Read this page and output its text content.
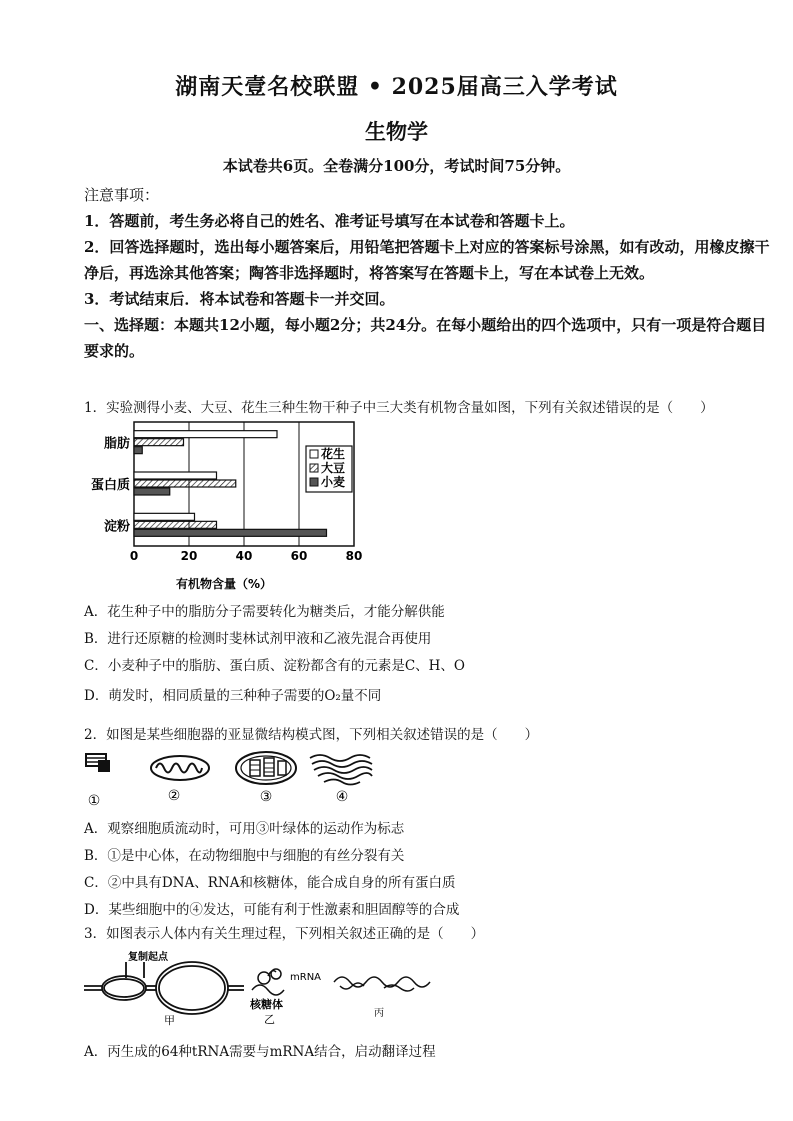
湖南天壹名校联盟 • 2025届高三入学考试
生物学
本试卷共6页。全卷满分100分，考试时间75分钟。

注意事项：

1．答题前，考生务必将自己的姓名、准考证号填写在本试卷和答题卡上。

2．回答选择题时，选出每小题答案后，用铅笔把答题卡上对应的答案标号涂黑，如有改动，用橡皮擦干净后，再选涂其他答案；陶答非选择题时，将答案写在答题卡上，写在本试卷上无效。

3．考试结束后．将本试卷和答题卡一并交回。

一、选择题：本题共12小题，每小题2分；共24分。在每小题给出的四个选项中，只有一项是符合题目要求的。

1．实验测得小麦、大豆、花生三种生物干种子中三大类有机物含量如图，下列有关叙述错误的是（　　）
脂肪
蛋白质
淀粉
0	20	40	60	80
有机物含量（%）
花生
大豆
小麦
A．花生种子中的脂肪分子需要转化为糖类后，才能分解供能
B．进行还原糖的检测时斐林试剂甲液和乙液先混合再使用
C．小麦种子中的脂肪、蛋白质、淀粉都含有的元素是C、H、O
D．萌发时，相同质量的三种种子需要的O₂量不同
2．如图是某些细胞器的亚显微结构模式图，下列相关叙述错误的是（　　）
①	②	③	④
A．观察细胞质流动时，可用③叶绿体的运动作为标志
B．①是中心体，在动物细胞中与细胞的有丝分裂有关
C．②中具有DNA、RNA和核糖体，能合成自身的所有蛋白质
D．某些细胞中的④发达，可能有利于性激素和胆固醇等的合成
3．如图表示人体内有关生理过程，下列相关叙述正确的是（　　）
复制起点
甲
mRNA
核糖体
乙	丙
A．丙生成的64种tRNA需要与mRNA结合，启动翻译过程
